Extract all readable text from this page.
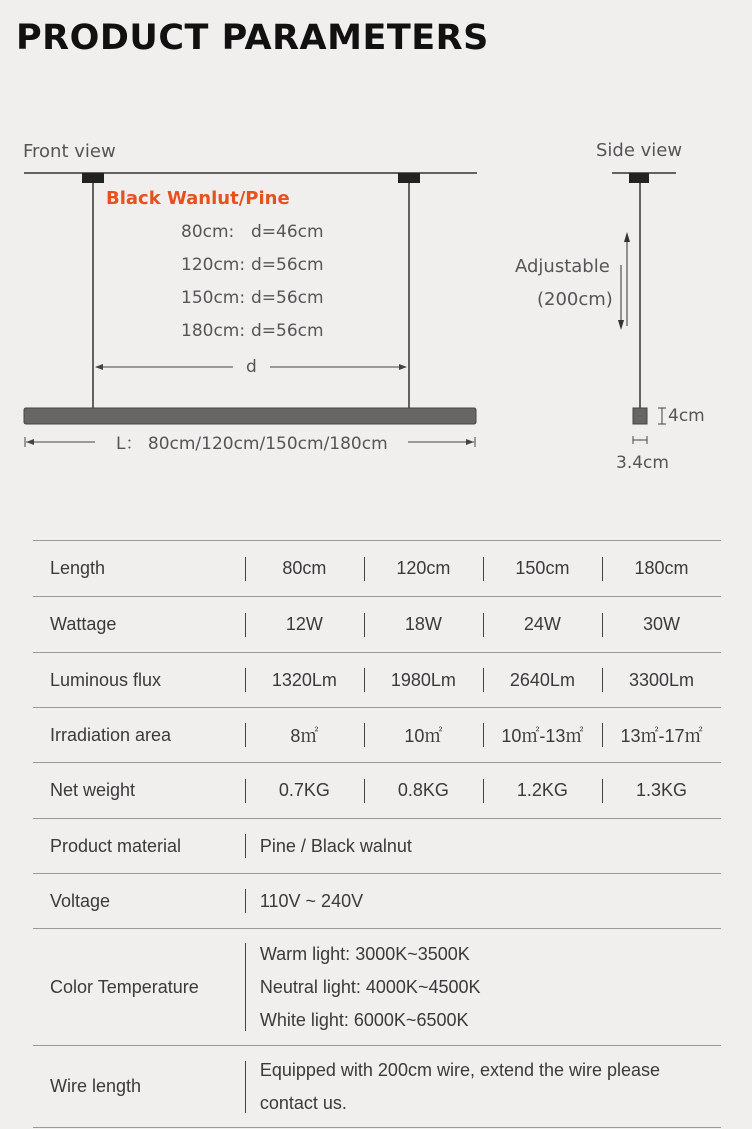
PRODUCT PARAMETERS
Front view
Black Wanlut/Pine
80cm: d=46cm
120cm: d=56cm
150cm: d=56cm
180cm: d=56cm
d
L： 80cm/120cm/150cm/180cm
Side view
Adjustable
(200cm)
4cm
3.4cm
Length	80cm	120cm	150cm	180cm
Wattage	12W	18W	24W	30W
Luminous flux	1320Lm	1980Lm	2640Lm	3300Lm
Irradiation area	8㎡	10㎡	10㎡-13㎡	13㎡-17㎡
Net weight	0.7KG	0.8KG	1.2KG	1.3KG
Product material	Pine / Black walnut			
Voltage	110V ~ 240V			
Color Temperature	Warm light: 3000K~3500K
Neutral light: 4000K~4500K
White light: 6000K~6500K			

Wire length	Equipped with 200cm wire, extend the wire please
contact us.			
